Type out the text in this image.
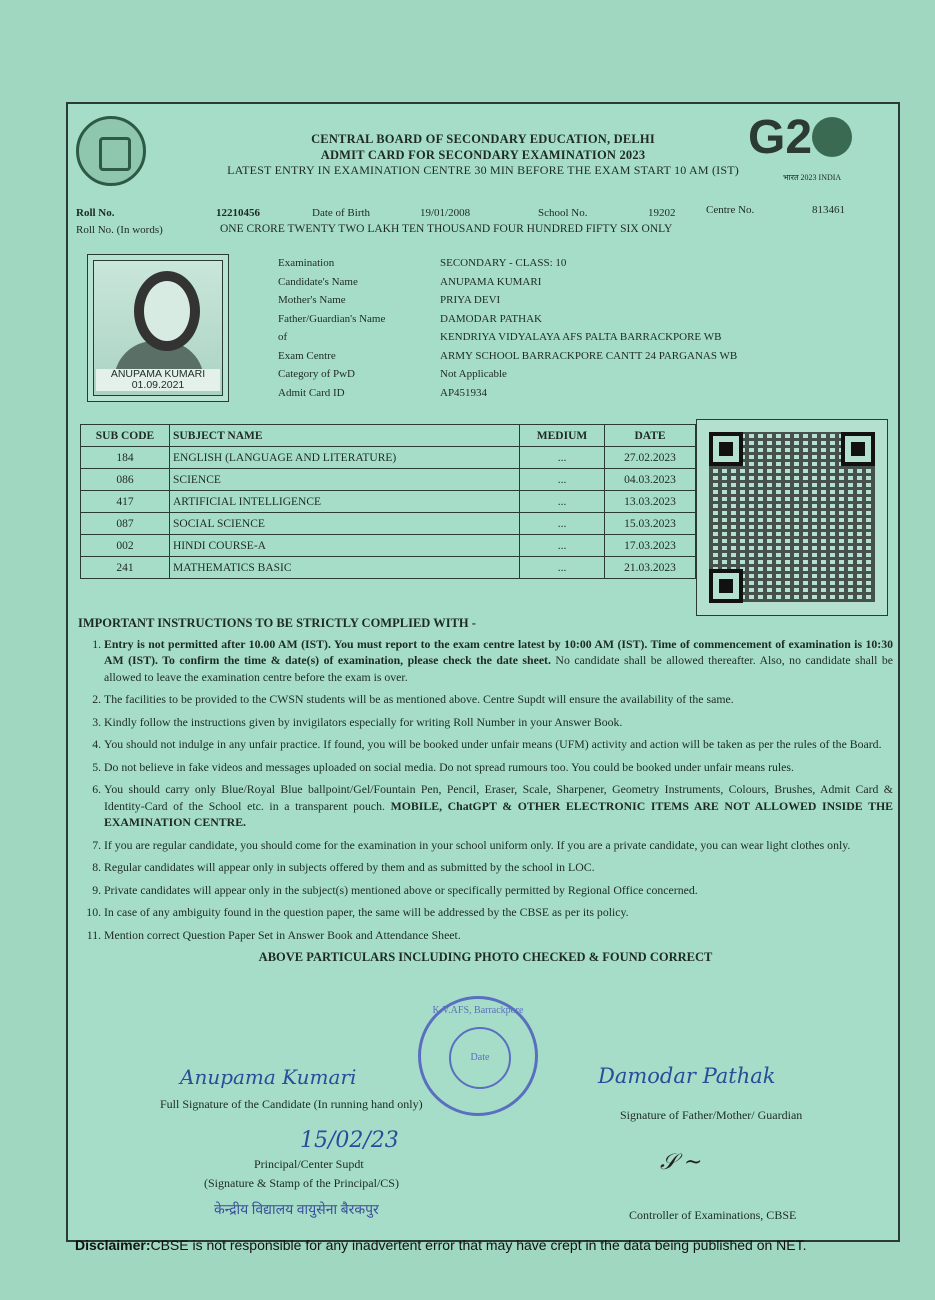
CENTRAL BOARD OF SECONDARY EDUCATION, DELHI
ADMIT CARD FOR SECONDARY EXAMINATION 2023
LATEST ENTRY IN EXAMINATION CENTRE 30 MIN BEFORE THE EXAM START 10 AM (IST)
G2
भारत 2023 INDIA
Roll No.	12210456	Date of Birth	19/01/2008	School No.	19202	Centre No.	813461
Roll No. (In words)	ONE CRORE TWENTY TWO LAKH TEN THOUSAND FOUR HUNDRED FIFTY SIX ONLY
ANUPAMA KUMARI
01.09.2021
Examination	SECONDARY - CLASS: 10
Candidate's Name	ANUPAMA KUMARI
Mother's Name	PRIYA DEVI
Father/Guardian's Name	DAMODAR PATHAK
of	KENDRIYA VIDYALAYA AFS PALTA BARRACKPORE WB
Exam Centre	ARMY SCHOOL BARRACKPORE CANTT 24 PARGANAS WB
Category of PwD	Not Applicable
Admit Card ID	AP451934
SUB CODE	SUBJECT NAME	MEDIUM	DATE
184	ENGLISH (LANGUAGE AND LITERATURE)	...	27.02.2023
086	SCIENCE	...	04.03.2023
417	ARTIFICIAL INTELLIGENCE	...	13.03.2023
087	SOCIAL SCIENCE	...	15.03.2023
002	HINDI COURSE-A	...	17.03.2023
241	MATHEMATICS BASIC	...	21.03.2023
IMPORTANT INSTRUCTIONS TO BE STRICTLY COMPLIED WITH -
1. Entry is not permitted after 10.00 AM (IST). You must report to the exam centre latest by 10:00 AM (IST). Time of commencement of examination is 10:30 AM (IST). To confirm the time & date(s) of examination, please check the date sheet. No candidate shall be allowed thereafter. Also, no candidate shall be allowed to leave the examination centre before the exam is over.
2. The facilities to be provided to the CWSN students will be as mentioned above. Centre Supdt will ensure the availability of the same.
3. Kindly follow the instructions given by invigilators especially for writing Roll Number in your Answer Book.
4. You should not indulge in any unfair practice. If found, you will be booked under unfair means (UFM) activity and action will be taken as per the rules of the Board.
5. Do not believe in fake videos and messages uploaded on social media. Do not spread rumours too. You could be booked under unfair means rules.
6. You should carry only Blue/Royal Blue ballpoint/Gel/Fountain Pen, Pencil, Eraser, Scale, Sharpener, Geometry Instruments, Colours, Brushes, Admit Card & Identity-Card of the School etc. in a transparent pouch. MOBILE, ChatGPT & OTHER ELECTRONIC ITEMS ARE NOT ALLOWED INSIDE THE EXAMINATION CENTRE.
7. If you are regular candidate, you should come for the examination in your school uniform only. If you are a private candidate, you can wear light clothes only.
8. Regular candidates will appear only in subjects offered by them and as submitted by the school in LOC.
9. Private candidates will appear only in the subject(s) mentioned above or specifically permitted by Regional Office concerned.
10. In case of any ambiguity found in the question paper, the same will be addressed by the CBSE as per its policy.
11. Mention correct Question Paper Set in Answer Book and Attendance Sheet.
ABOVE PARTICULARS INCLUDING PHOTO CHECKED & FOUND CORRECT
Anupama Kumari
Full Signature of the Candidate (In running hand only)
Damodar Pathak
Signature of Father/Mother/ Guardian
15/02/23
Principal/Center Supdt
(Signature & Stamp of the Principal/CS)
केन्द्रीय विद्यालय वायुसेना बैरकपुर
K.V.AFS, Barrackpore
Date
𝒮 ~
Controller of Examinations, CBSE
Disclaimer:CBSE is not responsible for any inadvertent error that may have crept in the data being published on NET.
